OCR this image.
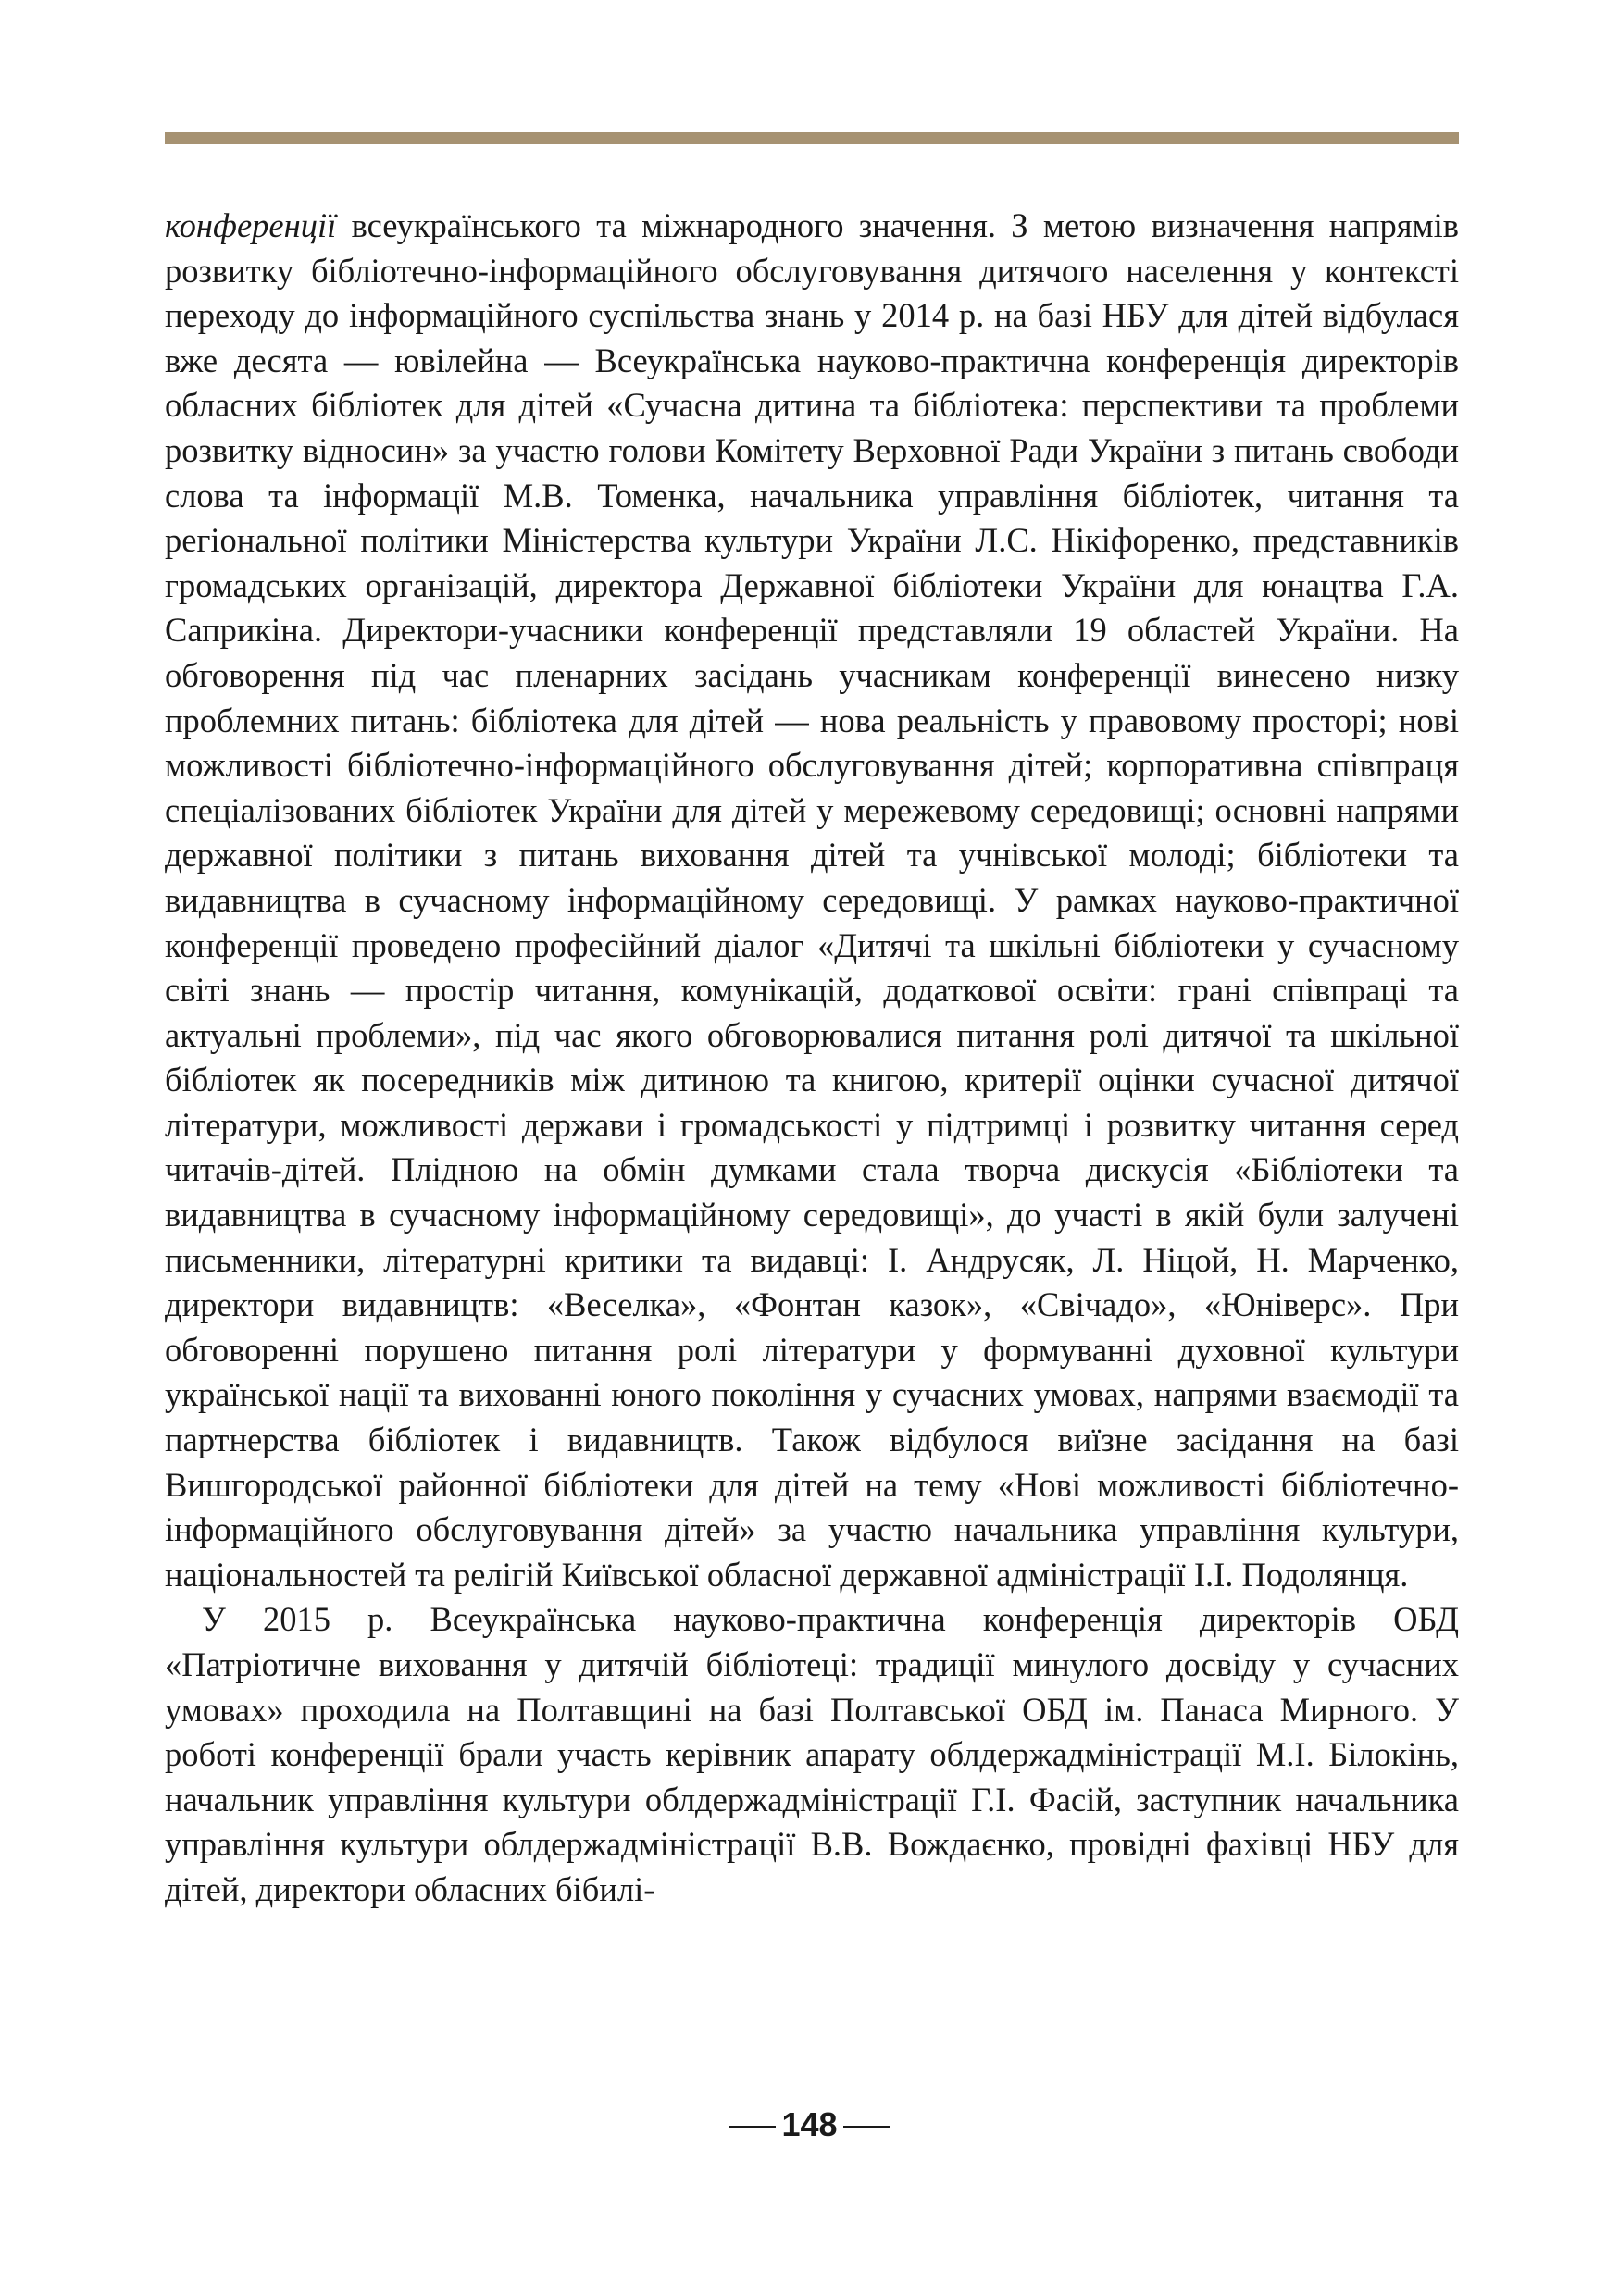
конференції всеукраїнського та міжнародного значення. З метою визначення напрямів розвитку бібліотечно-інформаційного обслуговування дитячого населення у контексті переходу до інформаційного суспільства знань у 2014 р. на базі НБУ для дітей відбулася вже десята — ювілейна — Всеукраїнська науково-практична конференція директорів обласних бібліотек для дітей «Сучасна дитина та бібліотека: перспективи та проблеми розвитку відносин» за участю голови Комітету Верховної Ради України з питань свободи слова та інформації М.В. Томенка, начальника управління бібліотек, читання та регіональної політики Міністерства культури України Л.С. Нікіфоренко, представників громадських організацій, директора Державної бібліотеки України для юнацтва Г.А. Саприкіна. Директори-учасники конференції представляли 19 областей України. На обговорення під час пленарних засідань учасникам конференції винесено низку проблемних питань: бібліотека для дітей — нова реальність у правовому просторі; нові можливості бібліотечно-інформаційного обслуговування дітей; корпоративна співпраця спеціалізованих бібліотек України для дітей у мережевому середовищі; основні напрями державної політики з питань виховання дітей та учнівської молоді; бібліотеки та видавництва в сучасному інформаційному середовищі. У рамках науково-практичної конференції проведено професійний діалог «Дитячі та шкільні бібліотеки у сучасному світі знань — простір читання, комунікацій, додаткової освіти: грані співпраці та актуальні проблеми», під час якого обговорювалися питання ролі дитячої та шкільної бібліотек як посередників між дитиною та книгою, критерії оцінки сучасної дитячої літератури, можливості держави і громадськості у підтримці і розвитку читання серед читачів-дітей. Плідною на обмін думками стала творча дискусія «Бібліотеки та видавництва в сучасному інформаційному середовищі», до участі в якій були залучені письменники, літературні критики та видавці: І. Андрусяк, Л. Ніцой, Н. Марченко, директори видавництв: «Веселка», «Фонтан казок», «Свічадо», «Юніверс». При обговоренні порушено питання ролі літератури у формуванні духовної культури української нації та вихованні юного покоління у сучасних умовах, напрями взаємодії та партнерства бібліотек і видавництв. Також відбулося виїзне засідання на базі Вишгородської районної бібліотеки для дітей на тему «Нові можливості бібліотечно-інформаційного обслуговування дітей» за участю начальника управління культури, національностей та релігій Київської обласної державної адміністрації І.І. Подолянця.

У 2015 р. Всеукраїнська науково-практична конференція директорів ОБД «Патріотичне виховання у дитячій бібліотеці: традиції минулого досвіду у сучасних умовах» проходила на Полтавщині на базі Полтавської ОБД ім. Панаса Мирного. У роботі конференції брали участь керівник апарату облдержадміністрації М.І. Білокінь, начальник управління культури облдержадміністрації Г.І. Фасій, заступник начальника управління культури облдержадміністрації В.В. Вождаєнко, провідні фахівці НБУ для дітей, директори обласних бібилі-

148
